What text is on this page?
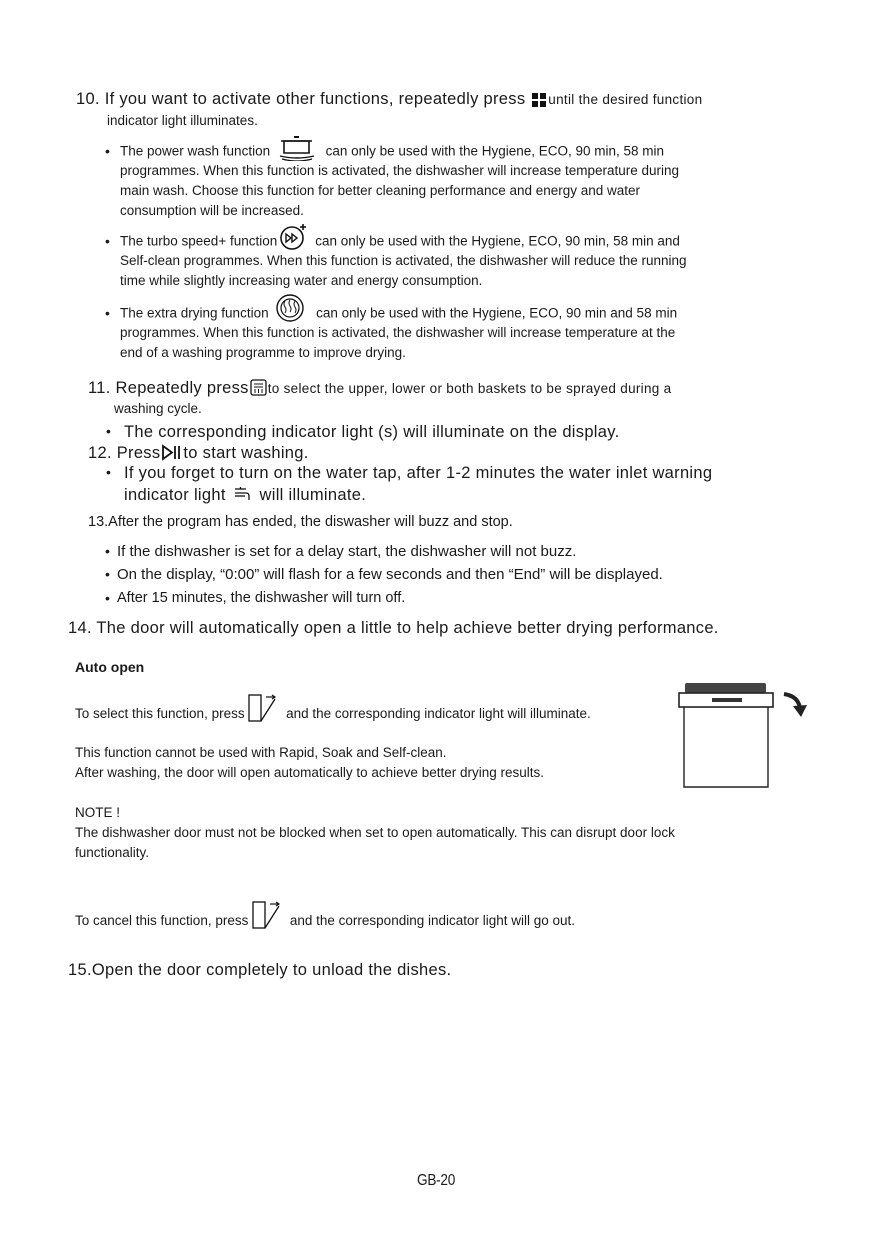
10. If you want to activate other functions, repeatedly press until the desired function
indicator light illuminates.
• The power wash function	can only be used with the Hygiene, ECO, 90 min, 58 min
programmes. When this function is activated, the dishwasher will increase temperature during
main wash. Choose this function for better cleaning performance and energy and water
consumption will be increased.
• The turbo speed+ function	can only be used with the Hygiene, ECO, 90 min, 58 min and
Self-clean programmes. When this function is activated, the dishwasher will reduce the running
time while slightly increasing water and energy consumption.
• The extra drying function	can only be used with the Hygiene, ECO, 90 min and 58 min
programmes. When this function is activated, the dishwasher will increase temperature at the
end of a washing programme to improve drying.
11. Repeatedly press to select the upper, lower or both baskets to be sprayed during a
washing cycle.
• The corresponding indicator light (s) will illuminate on the display.
12. Press to start washing.
• If you forget to turn on the water tap, after 1-2 minutes the water inlet warning
indicator light will illuminate.
13.After the program has ended, the diswasher will buzz and stop.
• If the dishwasher is set for a delay start, the dishwasher will not buzz.
• On the display, “0:00” will flash for a few seconds and then “End” will be displayed.
• After 15 minutes, the dishwasher will turn off.
14. The door will automatically open a little to help achieve better drying performance.
Auto open
To select this function, press	and the corresponding indicator light will illuminate.
This function cannot be used with Rapid, Soak and Self-clean.
After washing, the door will open automatically to achieve better drying results.
NOTE !
The dishwasher door must not be blocked when set to open automatically. This can disrupt door lock
functionality.
To cancel this function, press	and the corresponding indicator light will go out.
15.Open the door completely to unload the dishes.
GB-20
